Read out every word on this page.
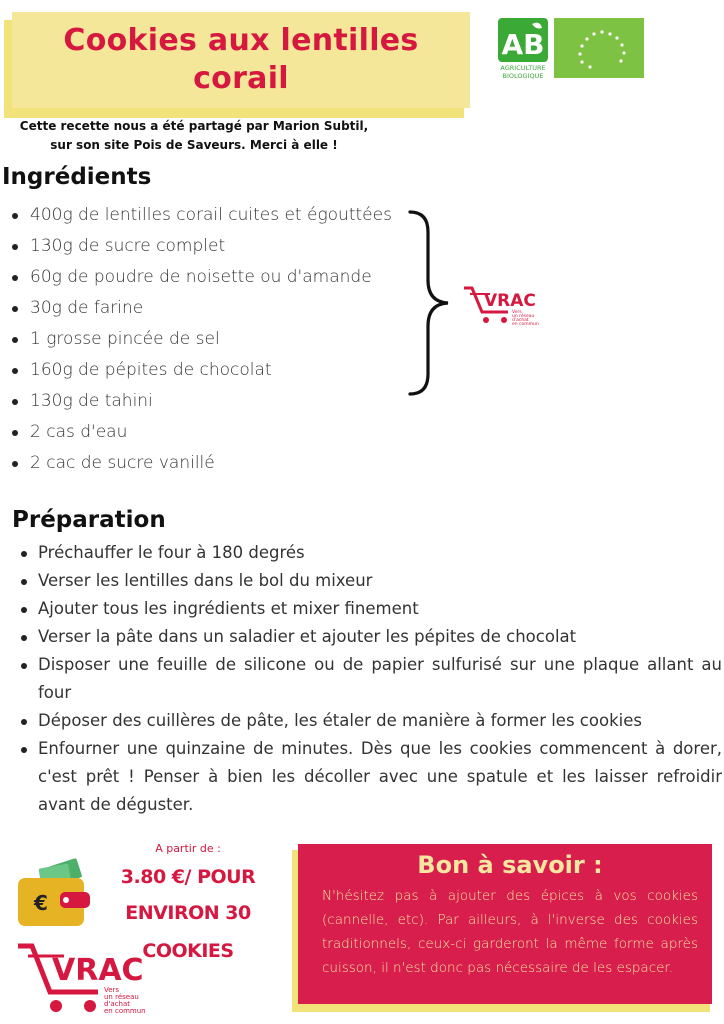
Cookies aux lentilles
corail
Cette recette nous a été partagé par Marion Subtil,
sur son site Pois de Saveurs. Merci à elle !
AB
AGRICULTURE
BIOLOGIQUE
Ingrédients
400g de lentilles corail cuites et égouttées
130g de sucre complet
60g de poudre de noisette ou d'amande
30g de farine
1 grosse pincée de sel
160g de pépites de chocolat
130g de tahini
2 cas d'eau
2 cac de sucre vanillé
VRAC
Vers
un réseau
d'achat
en commun
Préparation
Préchauffer le four à 180 degrés
Verser les lentilles dans le bol du mixeur
Ajouter tous les ingrédients et mixer finement
Verser la pâte dans un saladier et ajouter les pépites de chocolat
Disposer une feuille de silicone ou de papier sulfurisé sur une plaque allant au four
Déposer des cuillères de pâte, les étaler de manière à former les cookies
Enfourner une quinzaine de minutes. Dès que les cookies commencent à dorer, c'est prêt ! Penser à bien les décoller avec une spatule et les laisser refroidir avant de déguster.
€
A partir de :
3.80 €/ POUR
ENVIRON 30
COOKIES
VRAC
Vers
un réseau
d'achat
en commun
Bon à savoir :
N'hésitez pas à ajouter des épices à vos cookies (cannelle, etc). Par ailleurs, à l'inverse des cookies traditionnels, ceux-ci garderont la même forme après cuisson, il n'est donc pas nécessaire de les espacer.
